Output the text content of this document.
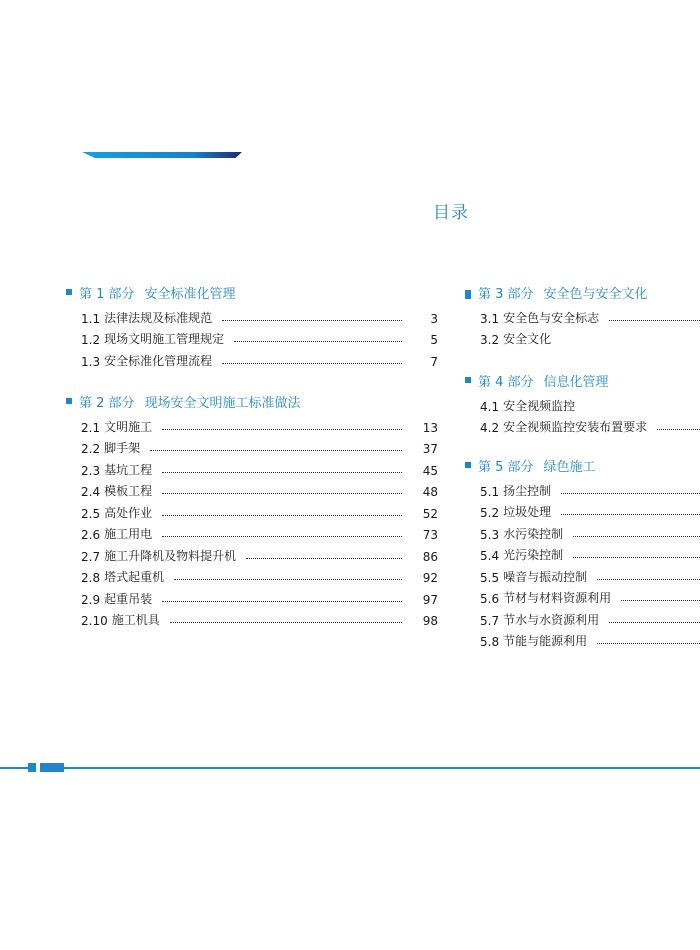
目录
第 1 部分 安全标准化管理
1.1 法律法规及标准规范	3
1.2 现场文明施工管理规定	5
1.3 安全标准化管理流程	7
第 2 部分 现场安全文明施工标准做法
2.1 文明施工	13
2.2 脚手架	37
2.3 基坑工程	45
2.4 模板工程	48
2.5 高处作业	52
2.6 施工用电	73
2.7 施工升降机及物料提升机	86
2.8 塔式起重机	92
2.9 起重吊装	97
2.10 施工机具	98
第 3 部分 安全色与安全文化
3.1 安全色与安全标志
3.2 安全文化
第 4 部分 信息化管理
4.1 安全视频监控
4.2 安全视频监控安装布置要求
第 5 部分 绿色施工
5.1 扬尘控制
5.2 垃圾处理
5.3 水污染控制
5.4 光污染控制
5.5 噪音与振动控制
5.6 节材与材料资源利用
5.7 节水与水资源利用
5.8 节能与能源利用
